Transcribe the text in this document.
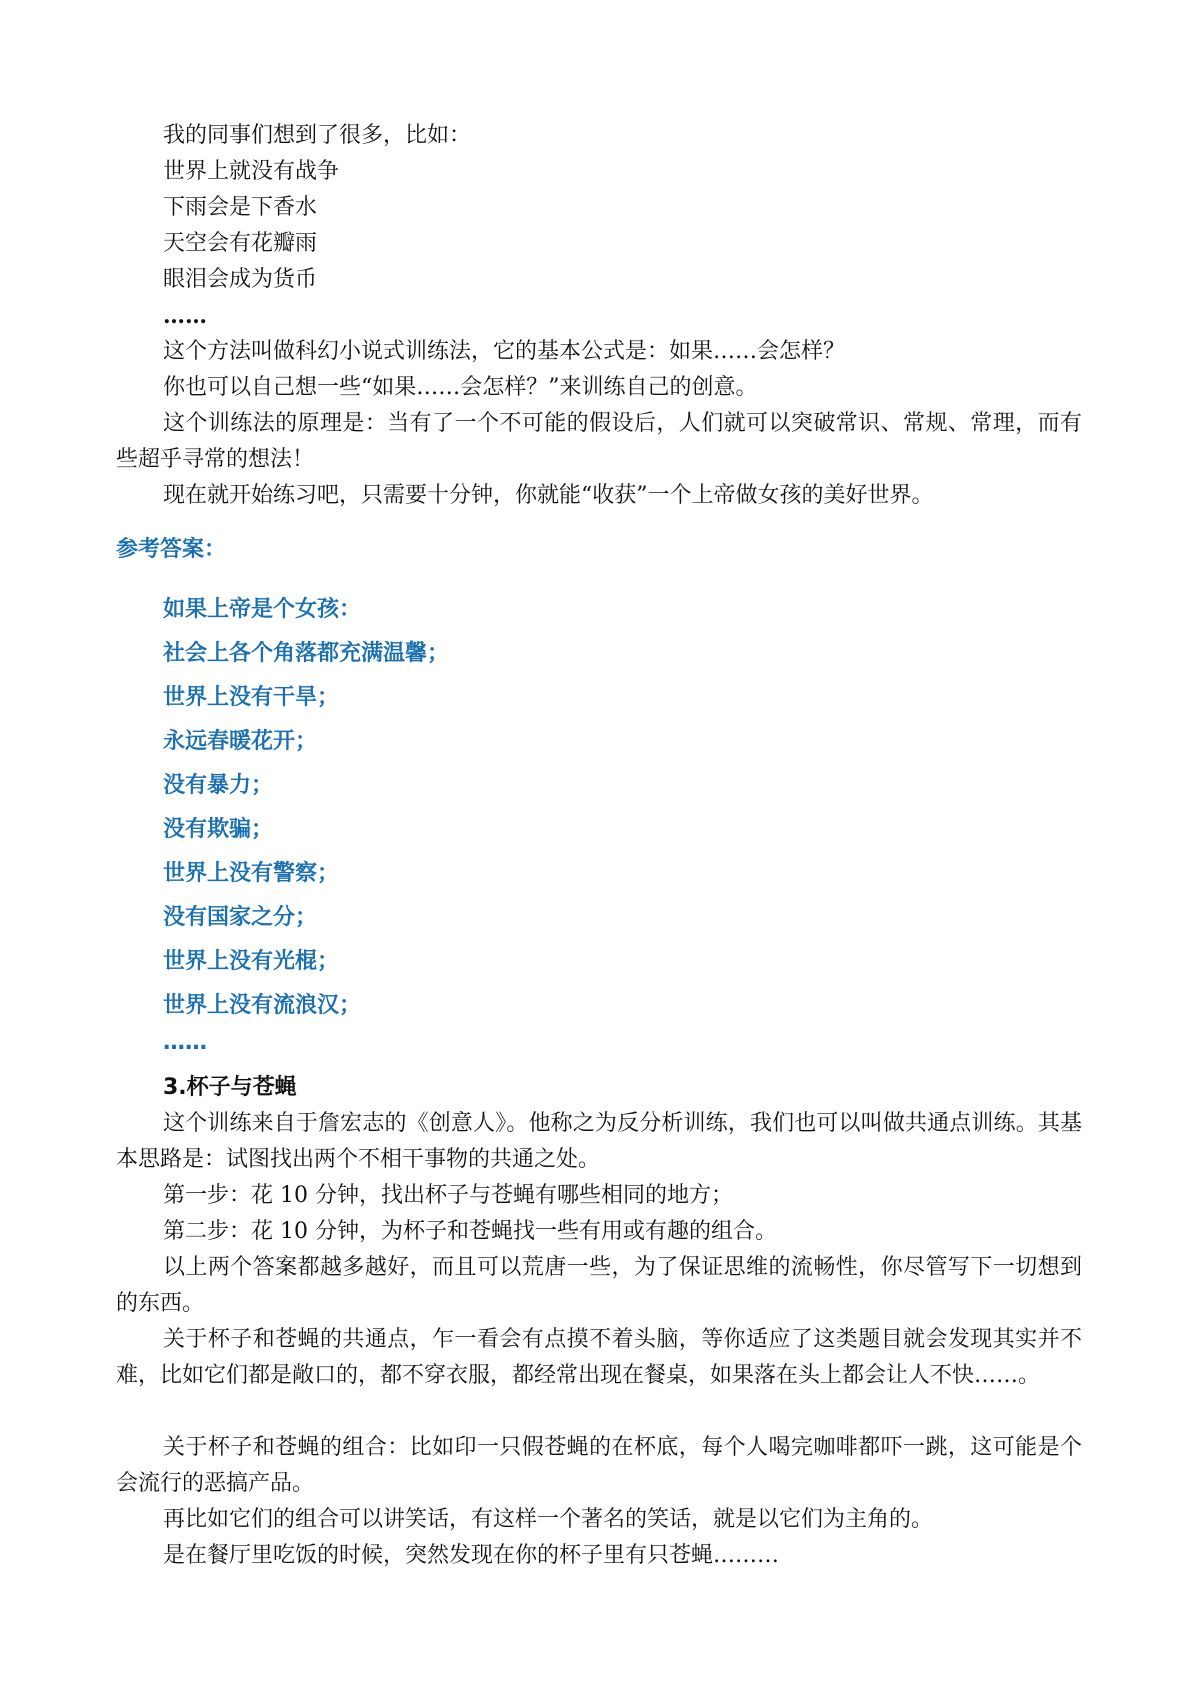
我的同事们想到了很多，比如：
世界上就没有战争
下雨会是下香水
天空会有花瓣雨
眼泪会成为货币
……
这个方法叫做科幻小说式训练法，它的基本公式是：如果……会怎样？
你也可以自己想一些“如果……会怎样？”来训练自己的创意。
这个训练法的原理是：当有了一个不可能的假设后，人们就可以突破常识、常规、常理，而有些超乎寻常的想法！
现在就开始练习吧，只需要十分钟，你就能“收获”一个上帝做女孩的美好世界。
参考答案：
如果上帝是个女孩：
社会上各个角落都充满温馨；
世界上没有干旱；
永远春暖花开；
没有暴力；
没有欺骗；
世界上没有警察；
没有国家之分；
世界上没有光棍；
世界上没有流浪汉；
……
3.杯子与苍蝇
这个训练来自于詹宏志的《创意人》。他称之为反分析训练，我们也可以叫做共通点训练。其基本思路是：试图找出两个不相干事物的共通之处。
第一步：花 10 分钟，找出杯子与苍蝇有哪些相同的地方；
第二步：花 10 分钟，为杯子和苍蝇找一些有用或有趣的组合。
以上两个答案都越多越好，而且可以荒唐一些，为了保证思维的流畅性，你尽管写下一切想到的东西。
关于杯子和苍蝇的共通点，乍一看会有点摸不着头脑，等你适应了这类题目就会发现其实并不难，比如它们都是敞口的，都不穿衣服，都经常出现在餐桌，如果落在头上都会让人不快……。
关于杯子和苍蝇的组合：比如印一只假苍蝇的在杯底，每个人喝完咖啡都吓一跳，这可能是个会流行的恶搞产品。
再比如它们的组合可以讲笑话，有这样一个著名的笑话，就是以它们为主角的。
是在餐厅里吃饭的时候，突然发现在你的杯子里有只苍蝇………
